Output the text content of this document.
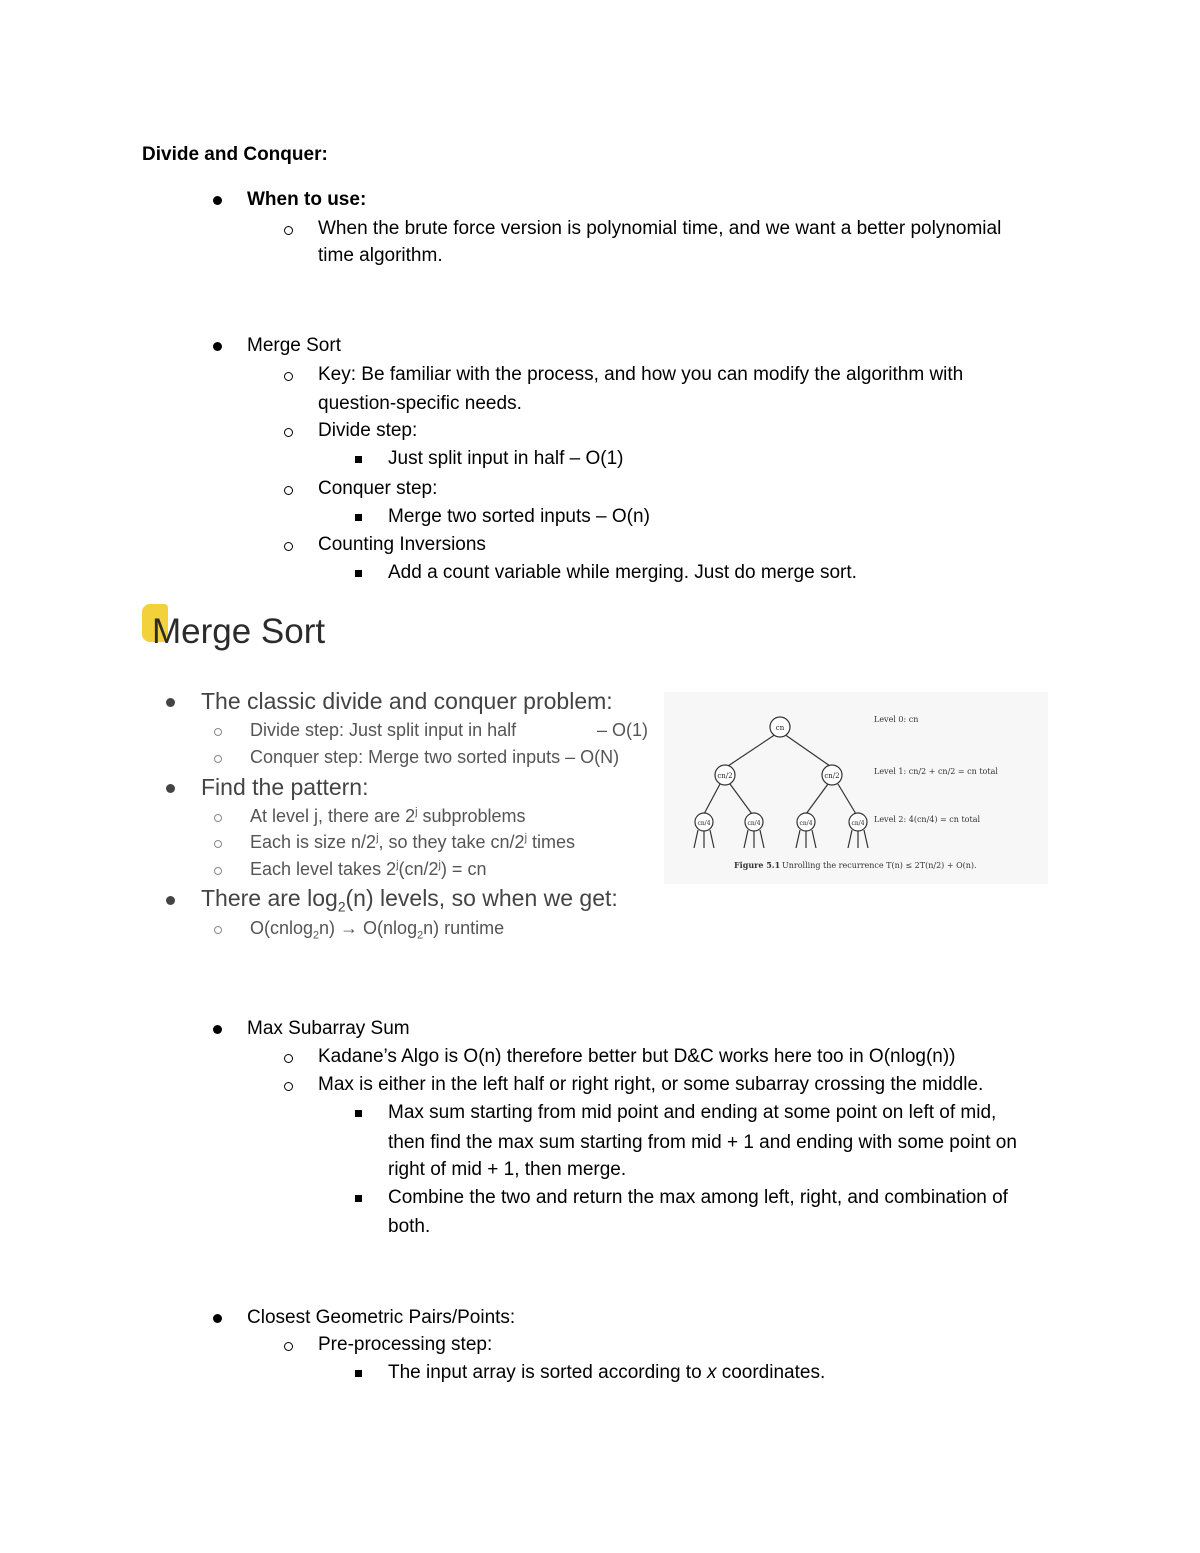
Divide and Conquer:
When to use:
When the brute force version is polynomial time, and we want a better polynomial
time algorithm.
Merge Sort
Key: Be familiar with the process, and how you can modify the algorithm with
question-specific needs.
Divide step:
Just split input in half – O(1)
Conquer step:
Merge two sorted inputs – O(n)
Counting Inversions
Add a count variable while merging. Just do merge sort.
Merge Sort
The classic divide and conquer problem:
Divide step: Just split input in half	– O(1)
Conquer step: Merge two sorted inputs – O(N)
Find the pattern:
At level j, there are 2$^j$ subproblems
Each is size n/2$^j$, so they take cn/2$^j$ times
Each level takes $2^j(cn/2^j)$ = cn
There are $\log_2(n)$ levels, so when we get:
O(cnlog$_2$n) → O(nlog$_2$n) runtime
cn
cn/2	cn/2
cn/4	cn/4	cn/4	cn/4
Level 0: cn
Level 1: cn/2 + cn/2 = cn total
Level 2: 4(cn/4) = cn total
Figure 5.1 Unrolling the recurrence T(n) ≤ 2T(n/2) + O(n).
Max Subarray Sum
Kadane’s Algo is O(n) therefore better but D&C works here too in O(nlog(n))
Max is either in the left half or right right, or some subarray crossing the middle.
Max sum starting from mid point and ending at some point on left of mid,
then find the max sum starting from mid + 1 and ending with some point on
right of mid + 1, then merge.
Combine the two and return the max among left, right, and combination of
both.
Closest Geometric Pairs/Points:
Pre-processing step:
The input array is sorted according to x coordinates.
